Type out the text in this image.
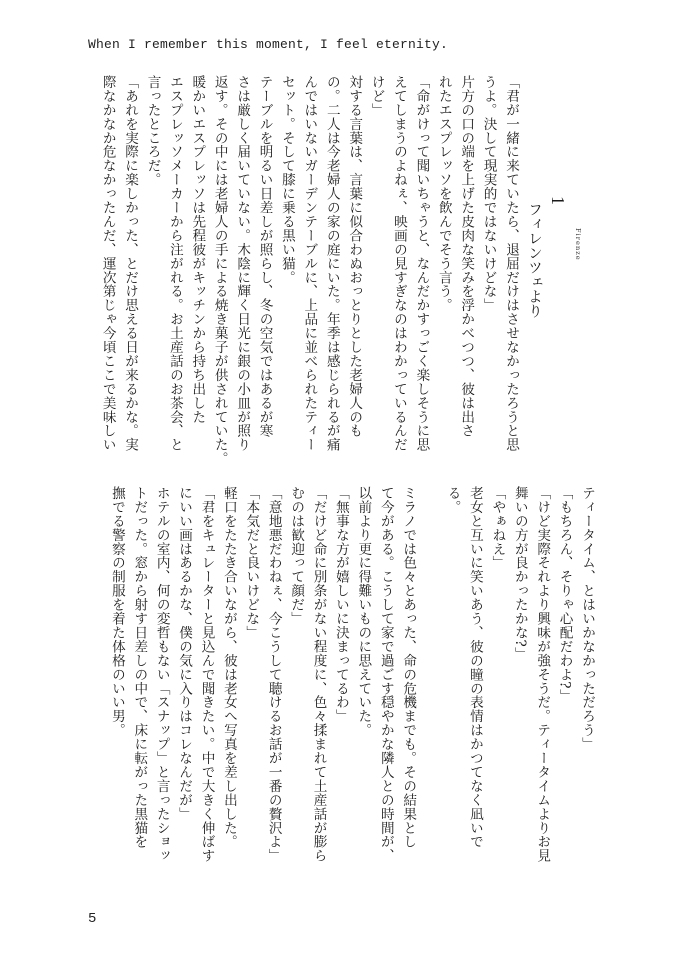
When I remember this moment, I feel eternity.
1
フィレンツェより	Firenze
「君が一緒に来ていたら、退屈だけはさせなかったろうと思
うよ。決して現実的ではないけどな」
片方の口の端を上げた皮肉な笑みを浮かべつつ、彼は出さ
れたエスプレッソを飲んでそう言う。
「命がけって聞いちゃうと、なんだかすっごく楽しそうに思
えてしまうのよねぇ、映画の見すぎなのはわかっているんだ
けど」
対する言葉は、言葉に似合わぬおっとりとした老婦人のも
の。二人は今老婦人の家の庭にいた。年季は感じられるが痛
んではいないガーデンテーブルに、上品に並べられたティー
セット。そして膝に乗る黒い猫。
テーブルを明るい日差しが照らし、冬の空気ではあるが寒
さは厳しく届いていない。木陰に輝く日光に銀の小皿が照り
返す。その中には老婦人の手による焼き菓子が供されていた。
暖かいエスプレッソは先程彼がキッチンから持ち出した
エスプレッソメーカーから注がれる。お土産話のお茶会、と
言ったところだ。
「あれを実際に楽しかった、とだけ思える日が来るかな。実
際なかなか危なかったんだ、運次第じゃ今頃ここで美味しい
ティータイム、とはいかなかっただろう」
「もちろん、そりゃ心配だわよ?」
「けど実際それより興味が強そうだ。ティータイムよりお見
舞いの方が良かったかな?」
「やぁねえ」
老女と互いに笑いあう、彼の瞳の表情はかつてなく凪いで
る。
ミラノでは色々とあった、命の危機までも。その結果とし
て今がある。こうして家で過ごす穏やかな隣人との時間が、
以前より更に得難いものに思えていた。
「無事な方が嬉しいに決まってるわ」
「だけど命に別条がない程度に、色々揉まれて土産話が膨ら
むのは歓迎って顔だ」
「意地悪だわねぇ、今こうして聴けるお話が一番の贅沢よ」
「本気だと良いけどな」
軽口をたたき合いながら、彼は老女へ写真を差し出した。
「君をキュレーターと見込んで聞きたい。中で大きく伸ばす
にいい画はあるかな、僕の気に入りはコレなんだが」
ホテルの室内、何の変哲もない「スナップ」と言ったショッ
トだった。窓から射す日差しの中で、床に転がった黒猫を
撫でる警察の制服を着た体格のいい男。
5
